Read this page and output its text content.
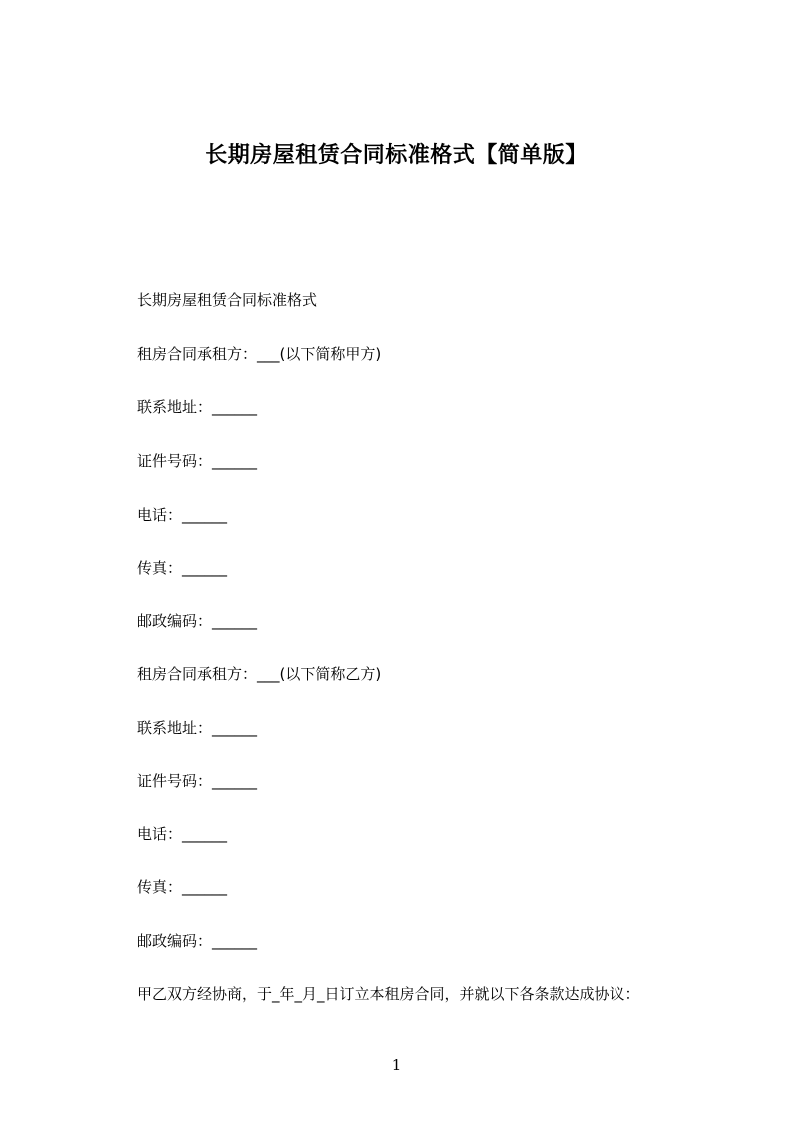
长期房屋租赁合同标准格式【简单版】
长期房屋租赁合同标准格式
租房合同承租方：___(以下简称甲方)
联系地址：______
证件号码：______
电话：______
传真：______
邮政编码：______
租房合同承租方：___(以下简称乙方)
联系地址：______
证件号码：______
电话：______
传真：______
邮政编码：______
甲乙双方经协商，于_年_月_日订立本租房合同，并就以下各条款达成协议：
1
